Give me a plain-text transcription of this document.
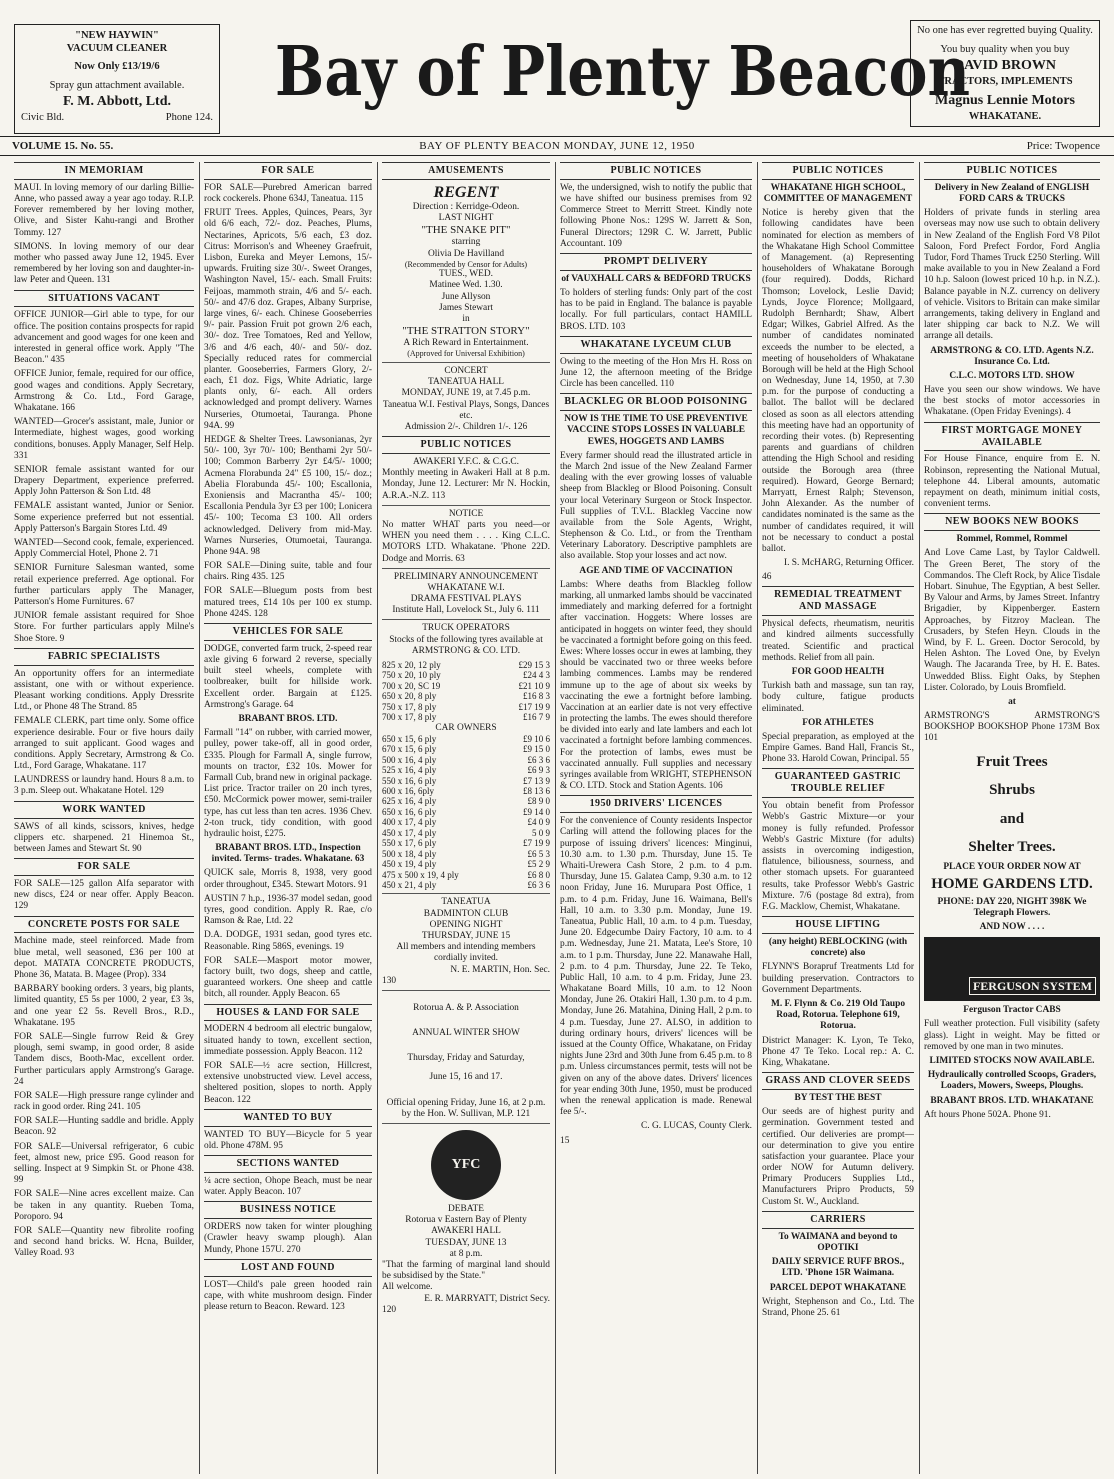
"NEW HAYWIN"
VACUUM CLEANER
Now Only £13/19/6
Spray gun attachment available.
F. M. Abbott, Ltd.
Civic Bld.	Phone 124.
Bay of Plenty Beacon
No one has ever regretted buying Quality.
You buy quality when you buy
DAVID BROWN
TRACTORS, IMPLEMENTS
Magnus Lennie Motors
WHAKATANE.
BAY OF PLENTY BEACON MONDAY, JUNE 12, 1950
VOLUME 15. No. 55.	Price: Twopence
IN MEMORIAM
MAUI. In loving memory of our darling Billie-Anne, who passed away a year ago today. R.I.P. Forever remembered by her loving mother, Olive, and Sister Kahu-rangi and Brother Tommy. 127
SIMONS. In loving memory of our dear mother who passed away June 12, 1945. Ever remembered by her loving son and daughter-in-law Peter and Queen. 131
SITUATIONS VACANT
OFFICE JUNIOR—Girl able to type, for our office. The position contains prospects for rapid advancement and good wages for one keen and interested in general office work. Apply "The Beacon." 435
OFFICE Junior, female, required for our office, good wages and conditions. Apply Secretary, Armstrong & Co. Ltd., Ford Garage, Whakatane. 166
WANTED—Grocer's assistant, male, Junior or Intermediate, highest wages, good working conditions, bonuses. Apply Manager, Self Help. 331
SENIOR female assistant wanted for our Drapery Department, experience preferred. Apply John Patterson & Son Ltd. 48
FEMALE assistant wanted, Junior or Senior. Some experience preferred but not essential. Apply Patterson's Bargain Stores Ltd. 49
WANTED—Second cook, female, experienced. Apply Commercial Hotel, Phone 2. 71
SENIOR Furniture Salesman wanted, some retail experience preferred. Age optional. For further particulars apply The Manager, Patterson's Home Furnitures. 67
JUNIOR female assistant required for Shoe Store. For further particulars apply Milne's Shoe Store. 9
FABRIC SPECIALISTS
An opportunity offers for an intermediate assistant, one with or without experience. Pleasant working conditions. Apply Dressrite Ltd., or Phone 48 The Strand. 85
FEMALE CLERK, part time only. Some office experience desirable. Four or five hours daily arranged to suit applicant. Good wages and conditions. Apply Secretary, Armstrong & Co. Ltd., Ford Garage, Whakatane. 117
LAUNDRESS or laundry hand. Hours 8 a.m. to 3 p.m. Sleep out. Whakatane Hotel. 129
WORK WANTED
SAWS of all kinds, scissors, knives, hedge clippers etc. sharpened. 21 Hinemoa St., between James and Stewart St. 90
FOR SALE
FOR SALE—125 gallon Alfa separator with new discs, £24 or near offer. Apply Beacon. 129
CONCRETE POSTS FOR SALE
Machine made, steel reinforced. Made from blue metal, well seasoned, £36 per 100 at depot. MATATA CONCRETE PRODUCTS, Phone 36, Matata. B. Magee (Prop). 334
BARBARY booking orders. 3 years, big plants, limited quantity, £5 5s per 1000, 2 year, £3 3s, and one year £2 5s. Revell Bros., R.D., Whakatane. 195
FOR SALE—Single furrow Reid & Grey plough, semi swamp, in good order, 8 aside Tandem discs, Booth-Mac, excellent order. Further particulars apply Armstrong's Garage. 24
FOR SALE—High pressure range cylinder and rack in good order. Ring 241. 105
FOR SALE—Hunting saddle and bridle. Apply Beacon. 92
FOR SALE—Universal refrigerator, 6 cubic feet, almost new, price £95. Good reason for selling. Inspect at 9 Simpkin St. or Phone 438. 99
FOR SALE—Nine acres excellent maize. Can be taken in any quantity. Rueben Toma, Poroporo. 94
FOR SALE—Quantity new fibrolite roofing and second hand bricks. W. Hcna, Builder, Valley Road. 93
FOR SALE
FOR SALE—Purebred American barred rock cockerels. Phone 634J, Taneatua. 115
FRUIT Trees. Apples, Quinces, Pears, 3yr old 6/6 each, 72/- doz. Peaches, Plums, Nectarines, Apricots, 5/6 each, £3 doz. Citrus: Morrison's and Wheeney Graefruit, Lisbon, Eureka and Meyer Lemons, 15/- upwards. Fruiting size 30/-. Sweet Oranges, Washington Navel, 15/- each. Small Fruits: Feijoas, mammoth strain, 4/6 and 5/- each. 50/- and 47/6 doz. Grapes, Albany Surprise, large vines, 6/- each. Chinese Gooseberries 9/- pair. Passion Fruit pot grown 2/6 each, 30/- doz. Tree Tomatoes, Red and Yellow, 3/6 and 4/6 each, 40/- and 50/- doz. Specially reduced rates for commercial planter. Gooseberries, Farmers Glory, 2/- each, £1 doz. Figs, White Adriatic, large plants only, 6/- each. All orders acknowledged and prompt delivery. Warnes Nurseries, Otumoetai, Tauranga. Phone 94A. 99
HEDGE & Shelter Trees. Lawsonianas, 2yr 50/- 100, 3yr 70/- 100; Benthami 2yr 50/- 100; Common Barberry 2yr £4/5/- 1000; Acmena Florabunda 24" £5 100, 15/- doz.; Abelia Florabunda 45/- 100; Escallonia, Exoniensis and Macrantha 45/- 100; Escallonia Pendula 3yr £3 per 100; Lonicera 45/- 100; Tecoma £3 100. All orders acknowledged. Delivery from mid-May. Warnes Nurseries, Otumoetai, Tauranga. Phone 94A. 98
FOR SALE—Dining suite, table and four chairs. Ring 435. 125
FOR SALE—Bluegum posts from best matured trees, £14 10s per 100 ex stump. Phone 424S. 128
VEHICLES FOR SALE
DODGE, converted farm truck, 2-speed rear axle giving 6 forward 2 reverse, specially built steel wheels, complete with toolbreaker, built for hillside work. Excellent order. Bargain at £125. Armstrong's Garage. 64
BRABANT BROS. LTD.
Farmall "14" on rubber, with carried mower, pulley, power take-off, all in good order, £335. Plough for Farmall A, single furrow, mounts on tractor, £32 10s. Mower for Farmall Cub, brand new in original package. List price. Tractor trailer on 20 inch tyres, £50. McCormick power mower, semi-trailer type, has cut less than ten acres. 1936 Chev. 2-ton truck, tidy condition, with good hydraulic hoist, £275.
BRABANT BROS. LTD., Inspection invited. Terms- trades. Whakatane. 63
QUICK sale, Morris 8, 1938, very good order throughout, £345. Stewart Motors. 91
AUSTIN 7 h.p., 1936-37 model sedan, good tyres, good condition. Apply R. Rae, c/o Ramson & Rae, Ltd. 22
D.A. DODGE, 1931 sedan, good tyres etc. Reasonable. Ring 586S, evenings. 19
FOR SALE—Masport motor mower, factory built, two dogs, sheep and cattle, guaranteed workers. One sheep and cattle bitch, all rounder. Apply Beacon. 65
HOUSES & LAND FOR SALE
MODERN 4 bedroom all electric bungalow, situated handy to town, excellent section, immediate possession. Apply Beacon. 112
FOR SALE—½ acre section, Hillcrest, extensive unobstructed view. Level access, sheltered position, slopes to north. Apply Beacon. 122
WANTED TO BUY
WANTED TO BUY—Bicycle for 5 year old. Phone 478M. 95
SECTIONS WANTED
¼ acre section, Ohope Beach, must be near water. Apply Beacon. 107
BUSINESS NOTICE
ORDERS now taken for winter ploughing (Crawler heavy swamp plough). Alan Mundy, Phone 157U. 270
LOST AND FOUND
LOST—Child's pale green hooded rain cape, with white mushroom design. Finder please return to Beacon. Reward. 123
AMUSEMENTS
REGENT
Direction : Kerridge-Odeon.
LAST NIGHT
"THE SNAKE PIT"
starring
Olivia De Havilland
(Recommended by Censor for Adults)
TUES., WED.
Matinee Wed. 1.30.
June Allyson
James Stewart
in
"THE STRATTON STORY"
A Rich Reward in Entertainment.
(Approved for Universal Exhibition)
CONCERT
TANEATUA HALL
MONDAY, JUNE 19, at 7.45 p.m.
Taneatua W.I. Festival Plays, Songs, Dances etc.
Admission 2/-. Children 1/-. 126
PUBLIC NOTICES
AWAKERI Y.F.C. & C.G.C.
Monthly meeting in Awakeri Hall at 8 p.m. Monday, June 12. Lecturer: Mr N. Hockin, A.R.A.-N.Z. 113
NOTICE
No matter WHAT parts you need—or WHEN you need them . . . . King C.L.C. MOTORS LTD. Whakatane. 'Phone 22D. Dodge and Morris. 63
PRELIMINARY ANNOUNCEMENT
WHAKATANE W.I.
DRAMA FESTIVAL PLAYS
Institute Hall, Lovelock St., July 6. 111
TRUCK OPERATORS
Stocks of the following tyres available at
ARMSTRONG & CO. LTD.
825 x 20, 12 ply	£29 15 3
750 x 20, 10 ply	£24 4 3
700 x 20, SC 19	£21 10 9
650 x 20, 8 ply	£16 8 3
750 x 17, 8 ply	£17 19 9
700 x 17, 8 ply	£16 7 9
CAR OWNERS
650 x 15, 6 ply	£9 10 6
670 x 15, 6 ply	£9 15 0
500 x 16, 4 ply	£6 3 6
525 x 16, 4 ply	£6 9 3
550 x 16, 6 ply	£7 13 9
600 x 16, 6ply	£8 13 6
625 x 16, 4 ply	£8 9 0
650 x 16, 6 ply	£9 14 0
400 x 17, 4 ply	£4 0 9
450 x 17, 4 ply	5 0 9
550 x 17, 6 ply	£7 19 9
500 x 18, 4 ply	£6 5 3
450 x 19, 4 ply	£5 2 9
475 x 500 x 19, 4 ply	£6 8 0
450 x 21, 4 ply	£6 3 6
TANEATUA
BADMINTON CLUB
OPENING NIGHT
THURSDAY, JUNE 15
All members and intending members cordially invited.
N. E. MARTIN, Hon. Sec.
130
Rotorua A. & P. Association
ANNUAL WINTER SHOW
Thursday, Friday and Saturday,
June 15, 16 and 17.
Official opening Friday, June 16, at 2 p.m. by the Hon. W. Sullivan, M.P. 121
YFC
DEBATE
Rotorua v Eastern Bay of Plenty
AWAKERI HALL
TUESDAY, JUNE 13
at 8 p.m.
"That the farming of marginal land should be subsidised by the State."
All welcome.
E. R. MARRYATT, District Secy.
120
PUBLIC NOTICES
We, the undersigned, wish to notify the public that we have shifted our business premises from 92 Commerce Street to Merritt Street. Kindly note following Phone Nos.: 129S W. Jarrett & Son, Funeral Directors; 129R C. W. Jarrett, Public Accountant. 109
PROMPT DELIVERY
of VAUXHALL CARS & BEDFORD TRUCKS
To holders of sterling funds: Only part of the cost has to be paid in England. The balance is payable locally. For full particulars, contact HAMILL BROS. LTD. 103
WHAKATANE LYCEUM CLUB
Owing to the meeting of the Hon Mrs H. Ross on June 12, the afternoon meeting of the Bridge Circle has been cancelled. 110
BLACKLEG OR BLOOD POISONING
NOW IS THE TIME TO USE PREVENTIVE VACCINE STOPS LOSSES IN VALUABLE EWES, HOGGETS AND LAMBS
Every farmer should read the illustrated article in the March 2nd issue of the New Zealand Farmer dealing with the ever growing losses of valuable sheep from Blackleg or Blood Poisoning. Consult your local Veterinary Surgeon or Stock Inspector. Full supplies of T.V.L. Blackleg Vaccine now available from the Sole Agents, Wright, Stephenson & Co. Ltd., or from the Trentham Veterinary Laboratory. Descriptive pamphlets are also available. Stop your losses and act now.
AGE AND TIME OF VACCINATION
Lambs: Where deaths from Blackleg follow marking, all unmarked lambs should be vaccinated immediately and marking deferred for a fortnight after vaccination. Hoggets: Where losses are anticipated in hoggets on winter feed, they should be vaccinated a fortnight before going on this feed. Ewes: Where losses occur in ewes at lambing, they should be vaccinated two or three weeks before lambing commences. Lambs may be rendered immune up to the age of about six weeks by vaccinating the ewe a fortnight before lambing. Vaccination at an earlier date is not very effective in protecting the lambs. The ewes should therefore be divided into early and late lambers and each lot vaccinated a fortnight before lambing commences. For the protection of lambs, ewes must be vaccinated annually. Full supplies and necessary syringes available from WRIGHT, STEPHENSON & CO. LTD. Stock and Station Agents. 106
1950 DRIVERS' LICENCES
For the convenience of County residents Inspector Carling will attend the following places for the purpose of issuing drivers' licences: Minginui, 10.30 a.m. to 1.30 p.m. Thursday, June 15. Te Whaiti-Urewera Cash Store, 2 p.m. to 4 p.m. Thursday, June 15. Galatea Camp, 9.30 a.m. to 12 noon Friday, June 16. Murupara Post Office, 1 p.m. to 4 p.m. Friday, June 16. Waimana, Bell's Hall, 10 a.m. to 3.30 p.m. Monday, June 19. Taneatua, Public Hall, 10 a.m. to 4 p.m. Tuesday, June 20. Edgecumbe Dairy Factory, 10 a.m. to 4 p.m. Wednesday, June 21. Matata, Lee's Store, 10 a.m. to 1 p.m. Thursday, June 22. Manawahe Hall, 2 p.m. to 4 p.m. Thursday, June 22. Te Teko, Public Hall, 10 a.m. to 4 p.m. Friday, June 23. Whakatane Board Mills, 10 a.m. to 12 Noon Monday, June 26. Otakiri Hall, 1.30 p.m. to 4 p.m. Monday, June 26. Matahina, Dining Hall, 2 p.m. to 4 p.m. Tuesday, June 27. ALSO, in addition to during ordinary hours, drivers' licences will be issued at the County Office, Whakatane, on Friday nights June 23rd and 30th June from 6.45 p.m. to 8 p.m. Unless circumstances permit, tests will not be given on any of the above dates. Drivers' licences for year ending 30th June, 1950, must be produced when the renewal application is made. Renewal fee 5/-.
C. G. LUCAS, County Clerk.
15
PUBLIC NOTICES
WHAKATANE HIGH SCHOOL, COMMITTEE OF MANAGEMENT
Notice is hereby given that the following candidates have been nominated for election as members of the Whakatane High School Committee of Management. (a) Representing householders of Whakatane Borough (four required). Dodds, Richard Thomson; Lovelock, Leslie David; Lynds, Joyce Florence; Mollgaard, Rudolph Bernhardt; Shaw, Albert Edgar; Wilkes, Gabriel Alfred. As the number of candidates nominated exceeds the number to be elected, a meeting of householders of Whakatane Borough will be held at the High School on Wednesday, June 14, 1950, at 7.30 p.m. for the purpose of conducting a ballot. The ballot will be declared closed as soon as all electors attending this meeting have had an opportunity of recording their votes. (b) Representing parents and guardians of children attending the High School and residing outside the Borough area (three required). Howard, George Bernard; Marryatt, Ernest Ralph; Stevenson, John Alexander. As the number of candidates nominated is the same as the number of candidates required, it will not be necessary to conduct a postal ballot.
I. S. McHARG, Returning Officer.
46
REMEDIAL TREATMENT AND MASSAGE
Physical defects, rheumatism, neuritis and kindred ailments successfully treated. Scientific and practical methods. Relief from all pain.
FOR GOOD HEALTH
Turkish bath and massage, sun tan ray, body culture, fatigue products eliminated.
FOR ATHLETES
Special preparation, as employed at the Empire Games. Band Hall, Francis St., Phone 33. Harold Cowan, Principal. 55
GUARANTEED GASTRIC TROUBLE RELIEF
You obtain benefit from Professor Webb's Gastric Mixture—or your money is fully refunded. Professor Webb's Gastric Mixture (for adults) assists in overcoming indigestion, flatulence, biliousness, sourness, and other stomach upsets. For guaranteed results, take Professor Webb's Gastric Mixture. 7/6 (postage 8d extra), from F.G. Macklow, Chemist, Whakatane.
HOUSE LIFTING
(any height) REBLOCKING (with concrete) also
FLYNN'S Borapruf Treatments Ltd for building preservation. Contractors to Government Departments.
M. F. Flynn & Co. 219 Old Taupo Road, Rotorua. Telephone 619, Rotorua.
District Manager: K. Lyon, Te Teko, Phone 47 Te Teko. Local rep.: A. C. King, Whakatane.
GRASS AND CLOVER SEEDS
BY TEST THE BEST
Our seeds are of highest purity and germination. Government tested and certified. Our deliveries are prompt—our determination to give you entire satisfaction your guarantee. Place your order NOW for Autumn delivery. Primary Producers Supplies Ltd., Manufacturers Pripro Products, 59 Custom St. W., Auckland.
CARRIERS
To WAIMANA and beyond to OPOTIKI
DAILY SERVICE RUFF BROS., LTD. 'Phone 15R Waimana.
PARCEL DEPOT WHAKATANE
Wright, Stephenson and Co., Ltd. The Strand, Phone 25. 61
PUBLIC NOTICES
Delivery in New Zealand of ENGLISH FORD CARS & TRUCKS
Holders of private funds in sterling area overseas may now use such to obtain delivery in New Zealand of the English Ford V8 Pilot Saloon, Ford Prefect Fordor, Ford Anglia Tudor, Ford Thames Truck £250 Sterling. Will make available to you in New Zealand a Ford 10 h.p. Saloon (lowest priced 10 h.p. in N.Z.). Balance payable in N.Z. currency on delivery of vehicle. Visitors to Britain can make similar arrangements, taking delivery in England and later shipping car back to N.Z. We will arrange all details.
ARMSTRONG & CO. LTD. Agents N.Z. Insurance Co. Ltd.
C.L.C. MOTORS LTD. SHOW
Have you seen our show windows. We have the best stocks of motor accessories in Whakatane. (Open Friday Evenings). 4
FIRST MORTGAGE MONEY AVAILABLE
For House Finance, enquire from E. N. Robinson, representing the National Mutual, telephone 44. Liberal amounts, automatic repayment on death, minimum initial costs, convenient terms.
NEW BOOKS NEW BOOKS
Rommel, Rommel, Rommel
And Love Came Last, by Taylor Caldwell. The Green Beret, The story of the Commandos. The Cleft Rock, by Alice Tisdale Hobart. Sinuhue, The Egyptian, A best Seller. By Valour and Arms, by James Street. Infantry Brigadier, by Kippenberger. Eastern Approaches, by Fitzroy Maclean. The Crusaders, by Stefen Heyn. Clouds in the Wind, by F. L. Green. Doctor Serocold, by Helen Ashton. The Loved One, by Evelyn Waugh. The Jacaranda Tree, by H. E. Bates. Unwedded Bliss. Eight Oaks, by Stephen Lister. Colorado, by Louis Bromfield.
at
ARMSTRONG'S ARMSTRONG'S BOOKSHOP BOOKSHOP Phone 173M Box 101
Fruit Trees
Shrubs
and
Shelter Trees.
PLACE YOUR ORDER NOW AT
HOME GARDENS LTD.
PHONE: DAY 220, NIGHT 398K We Telegraph Flowers.
AND NOW . . . .
FERGUSON SYSTEM
Ferguson Tractor CABS
Full weather protection. Full visibility (safety glass). Light in weight. May be fitted or removed by one man in two minutes.
LIMITED STOCKS NOW AVAILABLE.
Hydraulically controlled Scoops, Graders, Loaders, Mowers, Sweeps, Ploughs.
BRABANT BROS. LTD. WHAKATANE
Aft hours Phone 502A. Phone 91.
